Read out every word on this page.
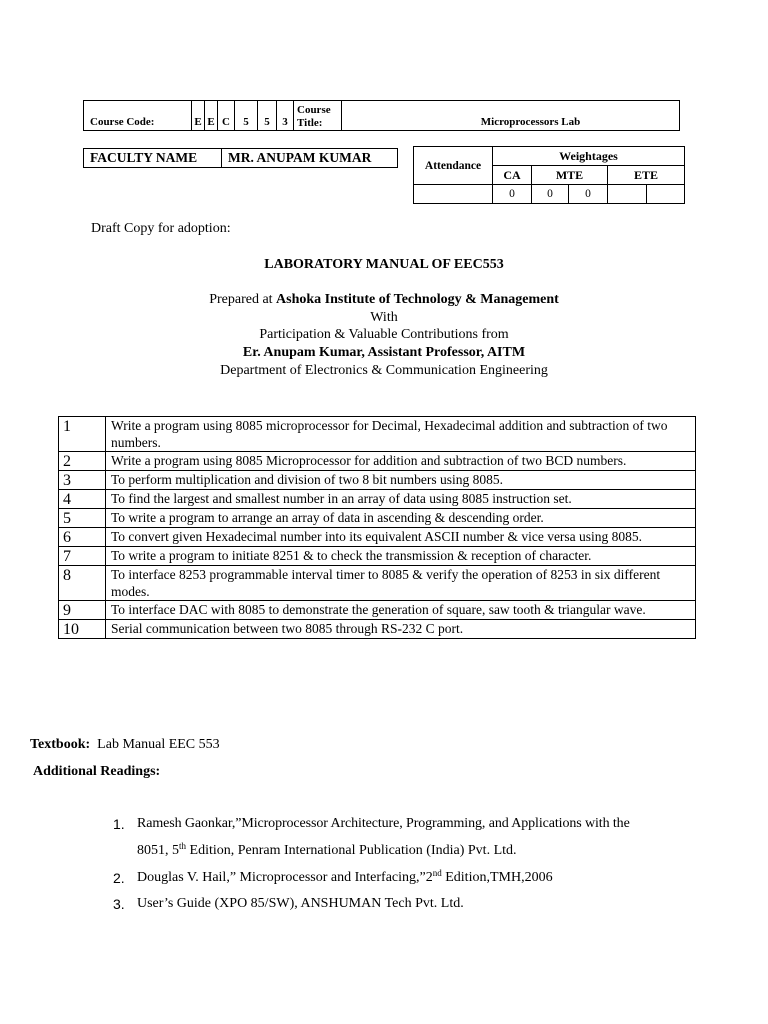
Course Code:	E	E	C	5	5	3	
Course
Title:	Microprocessors Lab
FACULTY NAME	MR. ANUPAM KUMAR
Attendance	Weightages			
	CA	MTE		ETE
	0	0	0	
Draft Copy for adoption:
LABORATORY MANUAL OF EEC553
Prepared at Ashoka Institute of Technology & Management
With
Participation & Valuable Contributions from
Er. Anupam Kumar, Assistant Professor, AITM
Department of Electronics & Communication Engineering
1	Write a program using 8085 microprocessor for Decimal, Hexadecimal addition and subtraction of two numbers.
2	Write a program using 8085 Microprocessor for addition and subtraction of two BCD numbers.
3	To perform multiplication and division of two 8 bit numbers using 8085.
4	To find the largest and smallest number in an array of data using 8085 instruction set.
5	To write a program to arrange an array of data in ascending & descending order.
6	To convert given Hexadecimal number into its equivalent ASCII number & vice versa using 8085.
7	To write a program to initiate 8251 & to check the transmission & reception of character.
8	To interface 8253 programmable interval timer to 8085 & verify the operation of 8253 in six different modes.
9	To interface DAC with 8085 to demonstrate the generation of square, saw tooth & triangular wave.
10	Serial communication between two 8085 through RS-232 C port.
Textbook: Lab Manual EEC 553
Additional Readings:
1. Ramesh Gaonkar,”Microprocessor Architecture, Programming, and Applications with the
8051, 5th Edition, Penram International Publication (India) Pvt. Ltd.
2. Douglas V. Hail,” Microprocessor and Interfacing,”2nd Edition,TMH,2006
3. User’s Guide (XPO 85/SW), ANSHUMAN Tech Pvt. Ltd.
